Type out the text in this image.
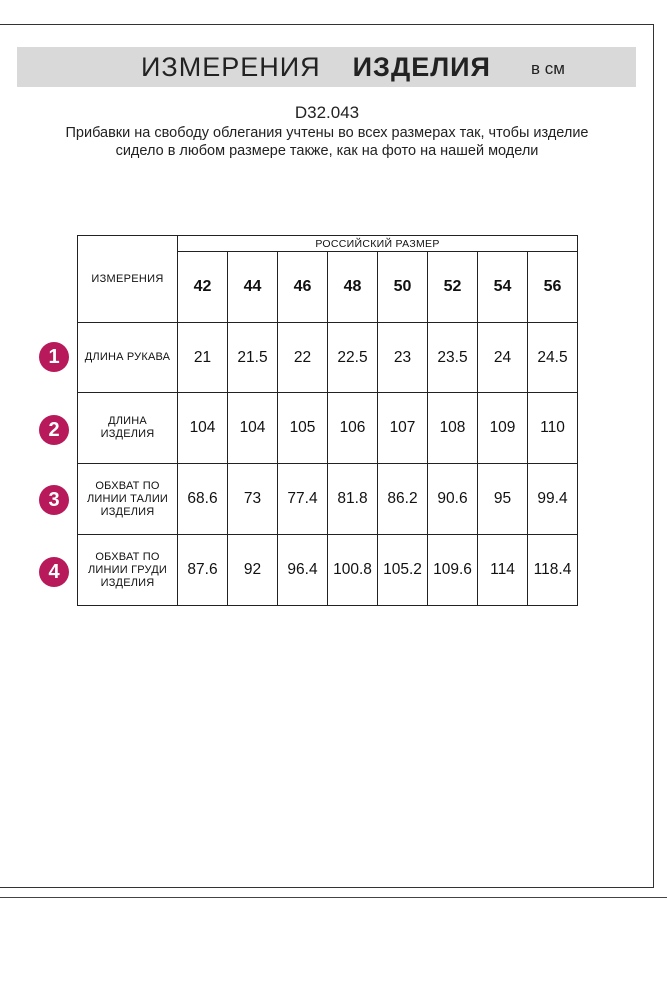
ИЗМЕРЕНИЯ ИЗДЕЛИЯ в см
D32.043
Прибавки на свободу облегания учтены во всех размерах так, чтобы изделие сидело в любом размере также, как на фото на нашей модели
ИЗМЕРЕНИЯ	РОССИЙСКИЙ РАЗМЕР							
	42	44	46	48	50	52	54	56
ДЛИНА РУКАВА	21	21.5	22	22.5	23	23.5	24	24.5
ДЛИНА ИЗДЕЛИЯ	104	104	105	106	107	108	109	110
ОБХВАТ ПО ЛИНИИ ТАЛИИ ИЗДЕЛИЯ	68.6	73	77.4	81.8	86.2	90.6	95	99.4
ОБХВАТ ПО ЛИНИИ ГРУДИ ИЗДЕЛИЯ	87.6	92	96.4	100.8	105.2	109.6	114	118.4
1
2
3
4
